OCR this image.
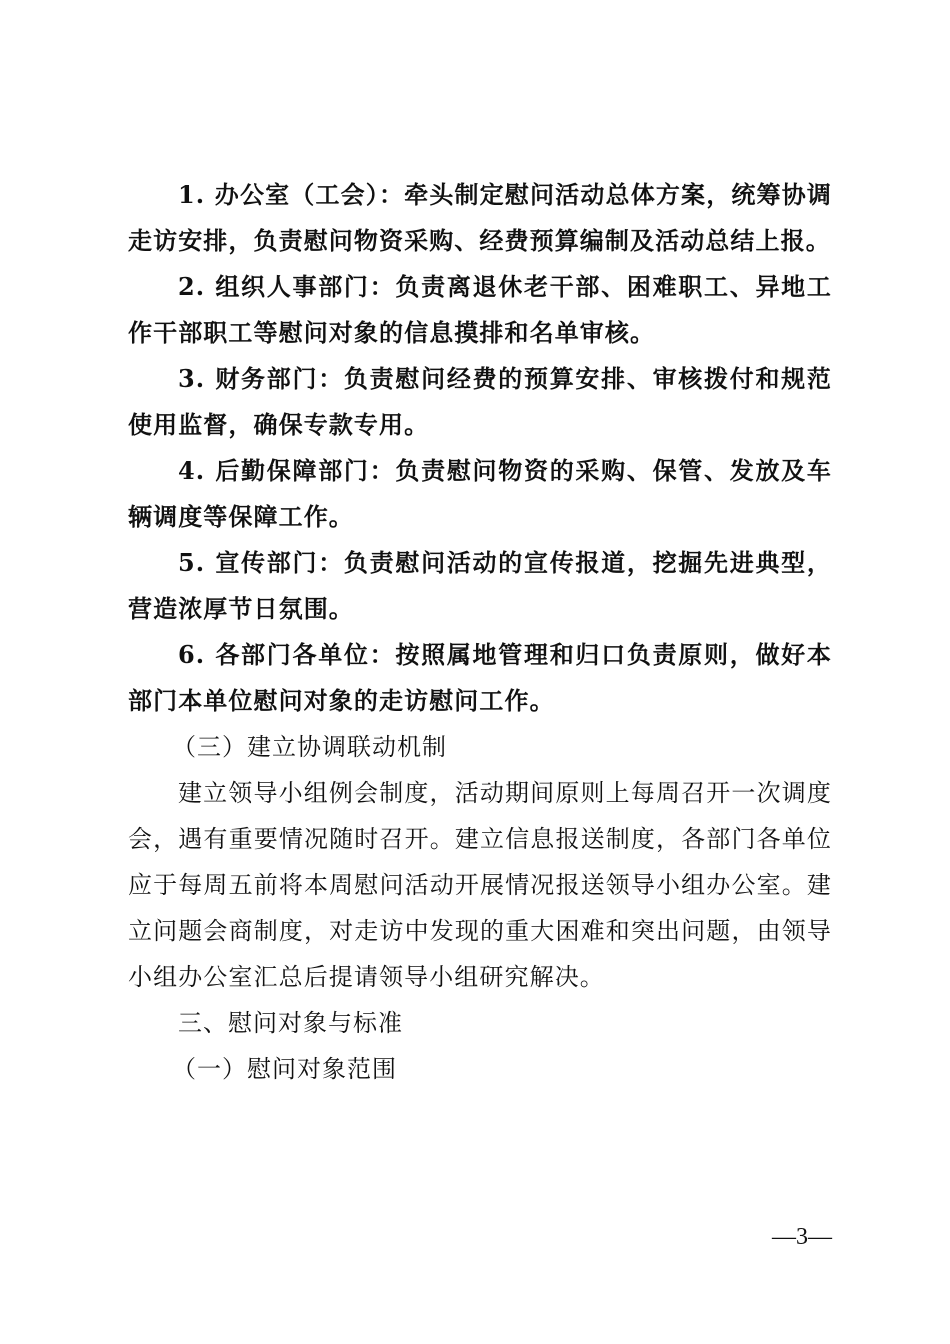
1. 办公室（工会）：牵头制定慰问活动总体方案，统筹协调走访安排，负责慰问物资采购、经费预算编制及活动总结上报。

2. 组织人事部门：负责离退休老干部、困难职工、异地工作干部职工等慰问对象的信息摸排和名单审核。

3. 财务部门：负责慰问经费的预算安排、审核拨付和规范使用监督，确保专款专用。

4. 后勤保障部门：负责慰问物资的采购、保管、发放及车辆调度等保障工作。

5. 宣传部门：负责慰问活动的宣传报道，挖掘先进典型，营造浓厚节日氛围。

6. 各部门各单位：按照属地管理和归口负责原则，做好本部门本单位慰问对象的走访慰问工作。

（三）建立协调联动机制

建立领导小组例会制度，活动期间原则上每周召开一次调度会，遇有重要情况随时召开。建立信息报送制度，各部门各单位应于每周五前将本周慰问活动开展情况报送领导小组办公室。建立问题会商制度，对走访中发现的重大困难和突出问题，由领导小组办公室汇总后提请领导小组研究解决。

三、慰问对象与标准

（一）慰问对象范围

—3—
